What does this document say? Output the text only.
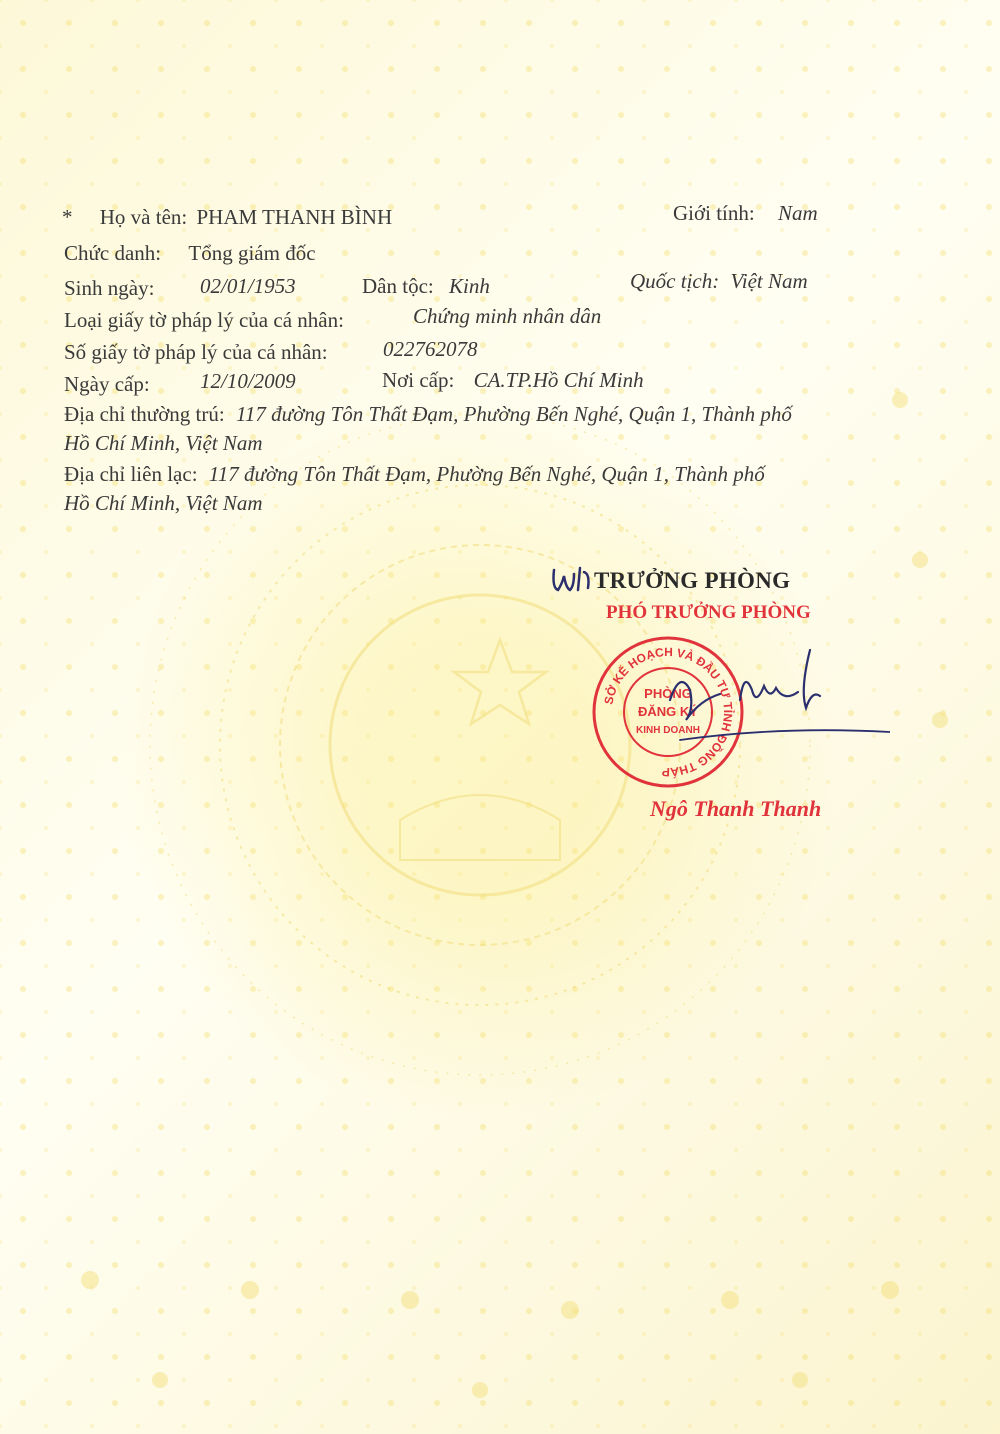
* Họ và tên: PHAM THANH BÌNH	Giới tính: Nam
Chức danh: Tổng giám đốc
Sinh ngày: 02/01/1953	Dân tộc: Kinh	Quốc tịch: Việt Nam
Loại giấy tờ pháp lý của cá nhân:	Chứng minh nhân dân
Số giấy tờ pháp lý của cá nhân:	022762078
Ngày cấp: 12/10/2009	Nơi cấp: CA.TP.Hồ Chí Minh
Địa chỉ thường trú: 117 đường Tôn Thất Đạm, Phường Bến Nghé, Quận 1, Thành phố
Hồ Chí Minh, Việt Nam
Địa chỉ liên lạc: 117 đường Tôn Thất Đạm, Phường Bến Nghé, Quận 1, Thành phố
Hồ Chí Minh, Việt Nam
TRƯỞNG PHÒNG
PHÓ TRƯỞNG PHÒNG
SỞ KẾ HOẠCH VÀ ĐẦU TƯ TỈNH ĐỒNG THÁP
PHÒNG
ĐĂNG KÝ
KINH DOANH
Ngô Thanh Thanh
